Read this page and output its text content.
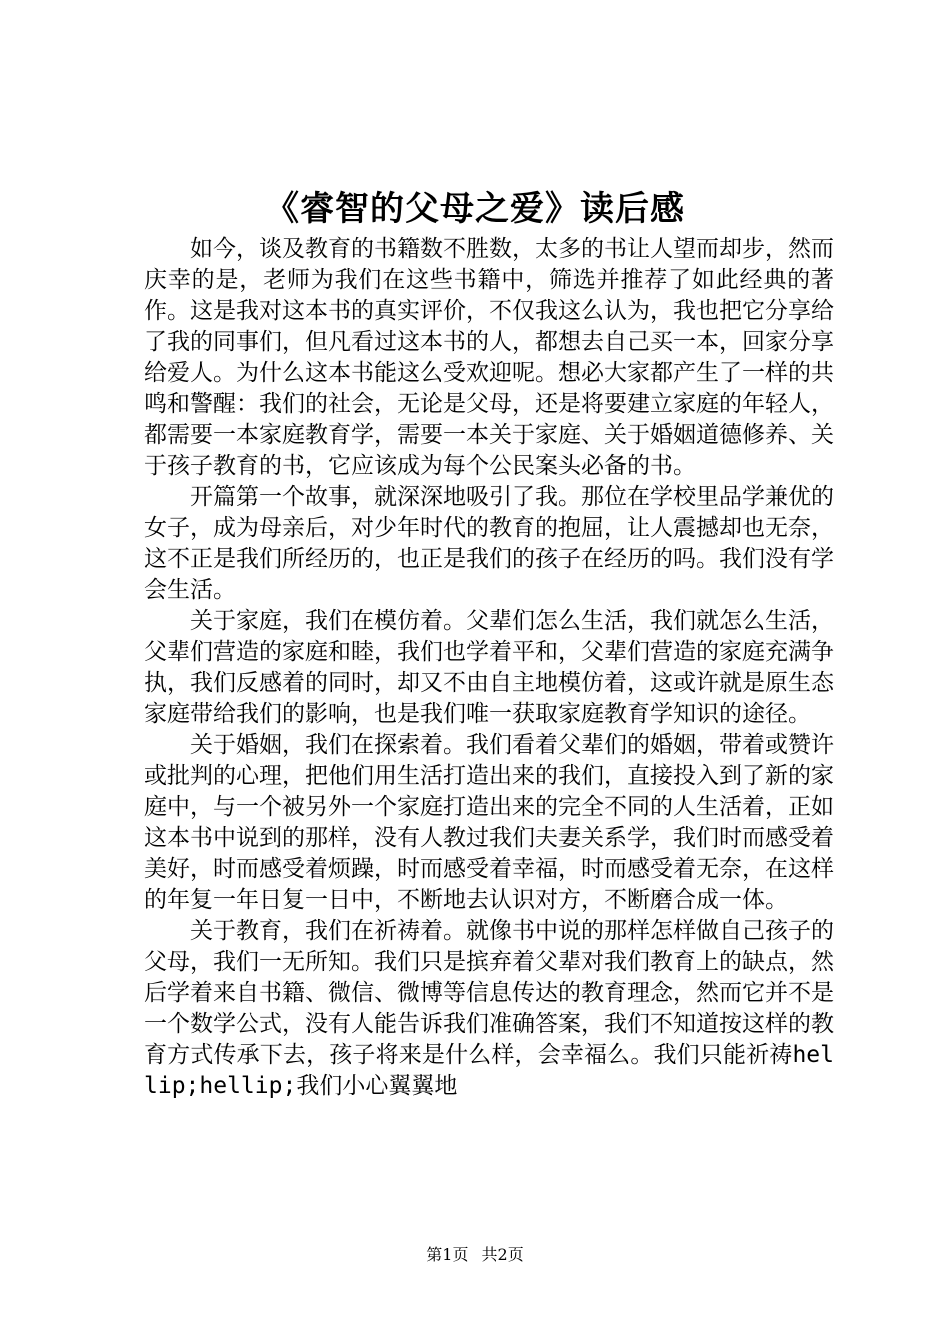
《睿智的父母之爱》读后感

如今，谈及教育的书籍数不胜数，太多的书让人望而却步，然而庆幸的是，老师为我们在这些书籍中，筛选并推荐了如此经典的著作。这是我对这本书的真实评价，不仅我这么认为，我也把它分享给了我的同事们，但凡看过这本书的人，都想去自己买一本，回家分享给爱人。为什么这本书能这么受欢迎呢。想必大家都产生了一样的共鸣和警醒：我们的社会，无论是父母，还是将要建立家庭的年轻人，都需要一本家庭教育学，需要一本关于家庭、关于婚姻道德修养、关于孩子教育的书，它应该成为每个公民案头必备的书。

开篇第一个故事，就深深地吸引了我。那位在学校里品学兼优的女子，成为母亲后，对少年时代的教育的抱屈，让人震撼却也无奈，这不正是我们所经历的，也正是我们的孩子在经历的吗。我们没有学会生活。

关于家庭，我们在模仿着。父辈们怎么生活，我们就怎么生活，父辈们营造的家庭和睦，我们也学着平和，父辈们营造的家庭充满争执，我们反感着的同时，却又不由自主地模仿着，这或许就是原生态家庭带给我们的影响，也是我们唯一获取家庭教育学知识的途径。

关于婚姻，我们在探索着。我们看着父辈们的婚姻，带着或赞许或批判的心理，把他们用生活打造出来的我们，直接投入到了新的家庭中，与一个被另外一个家庭打造出来的完全不同的人生活着，正如这本书中说到的那样，没有人教过我们夫妻关系学，我们时而感受着美好，时而感受着烦躁，时而感受着幸福，时而感受着无奈，在这样的年复一年日复一日中，不断地去认识对方，不断磨合成一体。

关于教育，我们在祈祷着。就像书中说的那样怎样做自己孩子的父母，我们一无所知。我们只是摈弃着父辈对我们教育上的缺点，然后学着来自书籍、微信、微博等信息传达的教育理念，然而它并不是一个数学公式，没有人能告诉我们准确答案，我们不知道按这样的教育方式传承下去，孩子将来是什么样，会幸福么。我们只能祈祷hellip;hellip;我们小心翼翼地

第1页 共2页
